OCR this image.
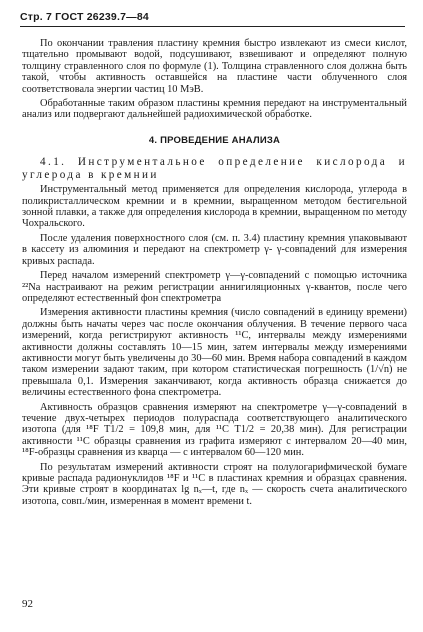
Стр. 7 ГОСТ 26239.7—84

По окончании травления пластину кремния быстро извлекают из смеси кислот, тщательно промывают водой, подсушивают, взвешивают и определяют полную толщину стравленного слоя по формуле (1). Толщина стравленного слоя должна быть такой, чтобы активность оставшейся на пластине части облученного слоя соответствовала энергии частиц 10 МэВ.

Обработанные таким образом пластины кремния передают на инструментальный анализ или подвергают дальнейшей радиохимической обработке.

4. ПРОВЕДЕНИЕ АНАЛИЗА

4.1. Инструментальное определение кислорода и углерода в кремнии

Инструментальный метод применяется для определения кислорода, углерода в поликристаллическом кремнии и в кремнии, выращенном методом бестигельной зонной плавки, а также для определения кислорода в кремнии, выращенном по методу Чохральского.

После удаления поверхностного слоя (см. п. 3.4) пластину кремния упаковывают в кассету из алюминия и передают на спектрометр γ- γ-совпадений для измерения кривых распада.

Перед началом измерений спектрометр γ—γ-совпадений с помощью источника ²²Na настраивают на режим регистрации аннигиляционных γ-квантов, после чего определяют естественный фон спектрометра

Измерения активности пластины кремния (число совпадений в единицу времени) должны быть начаты через час после окончания облучения. В течение первого часа измерений, когда регистрируют активность ¹¹С, интервалы между измерениями активности должны составлять 10—15 мин, затем интервалы между измерениями активности могут быть увеличены до 30—60 мин. Время набора совпадений в каждом таком измерении задают таким, при котором статистическая погрешность (1/√n) не превышала 0,1. Измерения заканчивают, когда активность образца снижается до величины естественного фона спектрометра.

Активность образцов сравнения измеряют на спектрометре γ—γ-совпадений в течение двух-четырех периодов полураспада соответствующего аналитического изотопа (для ¹⁸F T1/2 = 109,8 мин, для ¹¹С T1/2 = 20,38 мин). Для регистрации активности ¹¹С образцы сравнения из графита измеряют с интервалом 20—40 мин, ¹⁸F-образцы сравнения из кварца — с интервалом 60—120 мин.

По результатам измерений активности строят на полулогарифмической бумаге кривые распада радионуклидов ¹⁸F и ¹¹С в пластинах кремния и образцах сравнения. Эти кривые строят в координатах lg nₓ—t, где nₓ — скорость счета аналитического изотопа, совп./мин, измеренная в момент времени t.

92
